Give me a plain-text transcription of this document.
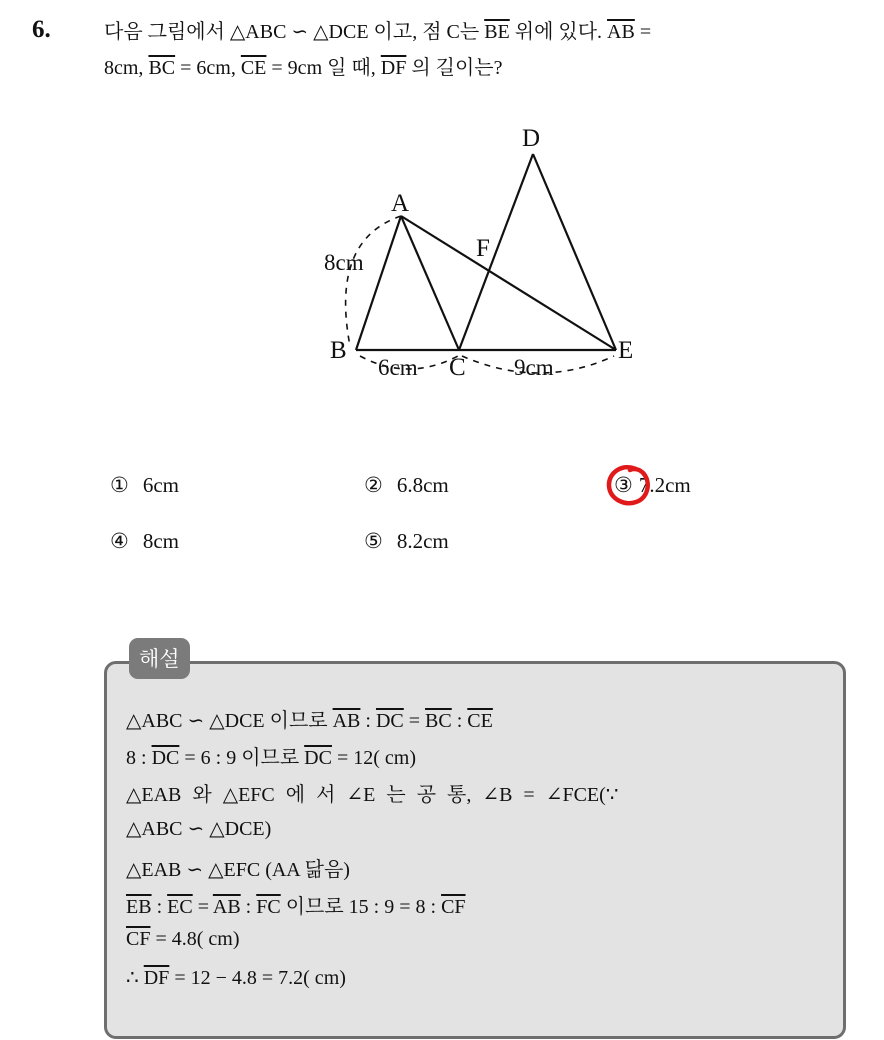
6.	다음 그림에서 △ABC ∽ △DCE 이고, 점 C는 $\overline{BE}$ 위에 있다. $\overline{AB}$ =
8cm, $\overline{BC} = 6cm$, $\overline{CE} = 9cm$ 일 때, $\overline{DF}$ 의 길이는?
A
B
C
D
E
F
8cm
6cm	9cm
① 6cm	② 6.8cm	③ 7.2cm
④ 8cm	⑤ 8.2cm
해설
△ABC ∽ △DCE 이므로 $\overline{AB}$ : $\overline{DC} = \overline{BC}$ : $\overline{CE}$
8 : $\overline{DC} = 6$ : 9 이므로 $\overline{DC} = 12$( cm)
△EAB 와 △EFC 에 서 ∠E 는 공 통, ∠B = ∠FCE(∵
△ABC ∽ △DCE)
△EAB ∽ △EFC (AA 닮음)
$\overline{EB}$ : $\overline{EC} = \overline{AB}$ : $\overline{FC}$ 이므로 15 : 9 = 8 : $\overline{CF}$
$\overline{CF} = 4.8$( cm)
∴ $\overline{DF} = 12 - 4.8 = 7.2$( cm)
